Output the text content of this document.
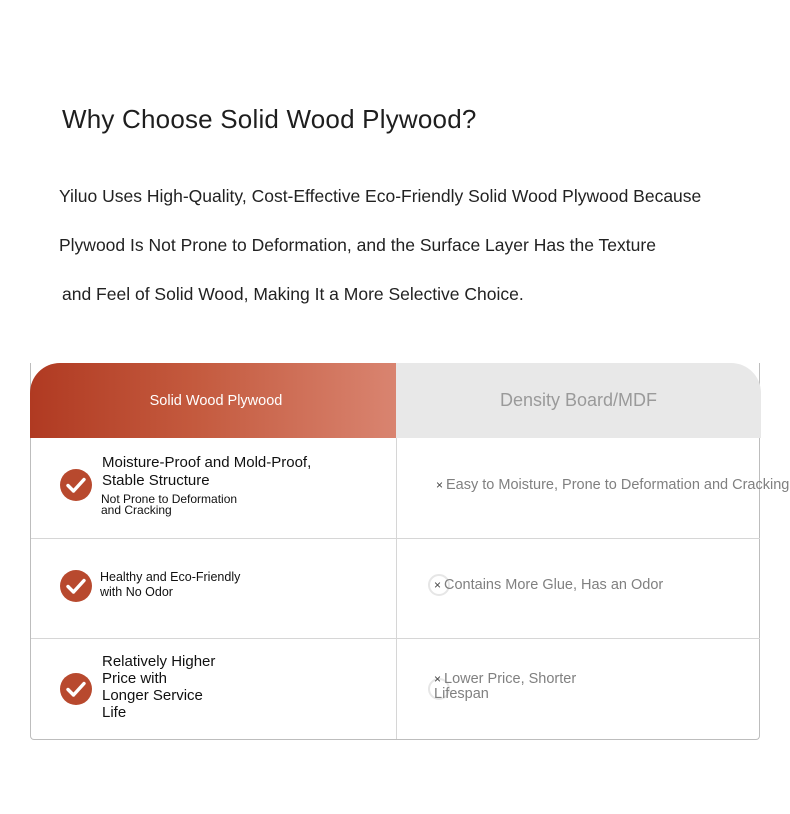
Why Choose Solid Wood Plywood?
Yiluo Uses High-Quality, Cost-Effective Eco-Friendly Solid Wood Plywood Because
Plywood Is Not Prone to Deformation, and the Surface Layer Has the Texture
and Feel of Solid Wood, Making It a More Selective Choice.
Solid Wood Plywood	Density Board/MDF
Moisture-Proof and Mold-Proof,
Stable Structure
Not Prone to Deformation
and Cracking
× Easy to Moisture, Prone to Deformation and Cracking
Healthy and Eco-Friendly
with No Odor	× Contains More Glue, Has an Odor
Relatively Higher
Price with
Longer Service
Life
× Lower Price, Shorter
Lifespan
